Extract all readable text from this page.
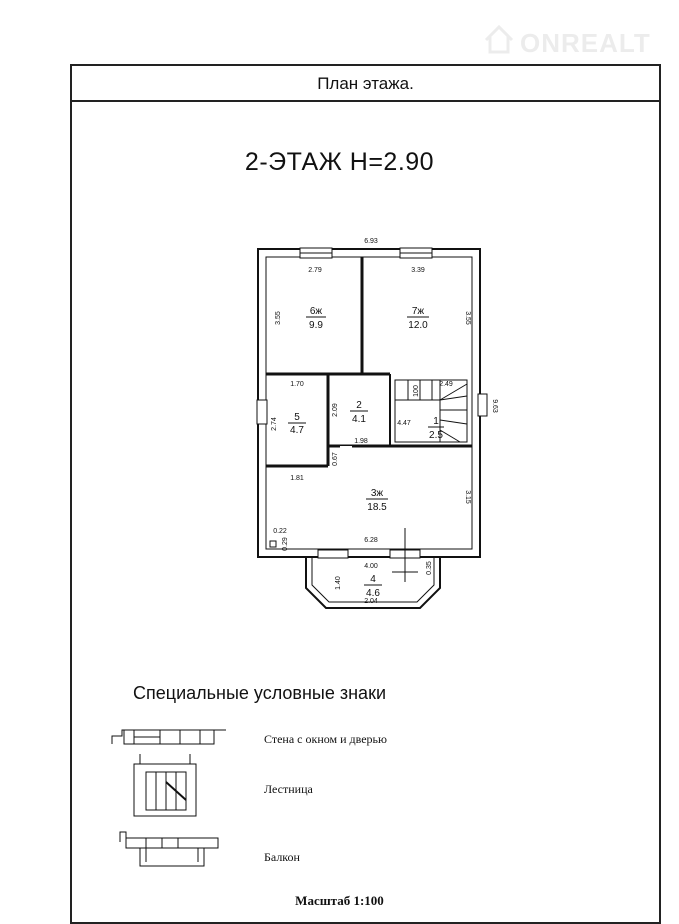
ONREALT
План этажа.
2-ЭТАЖ H=2.90
6ж
9.9
7ж
12.0
5
4.7
2
4.1	1
2.5
3ж
18.5
4
4.6
6.93
9.63
2.79
3.55
3.39
3.55
1.70
2.74
2.09
1.98
0.67
100
2.49
4.47
1.81
3.15
6.28
0.22
0.29
4.00
1.40
0.35
2.04
Специальные условные знаки
Стена с окном и дверью
Лестница
Балкон
Масштаб 1:100
